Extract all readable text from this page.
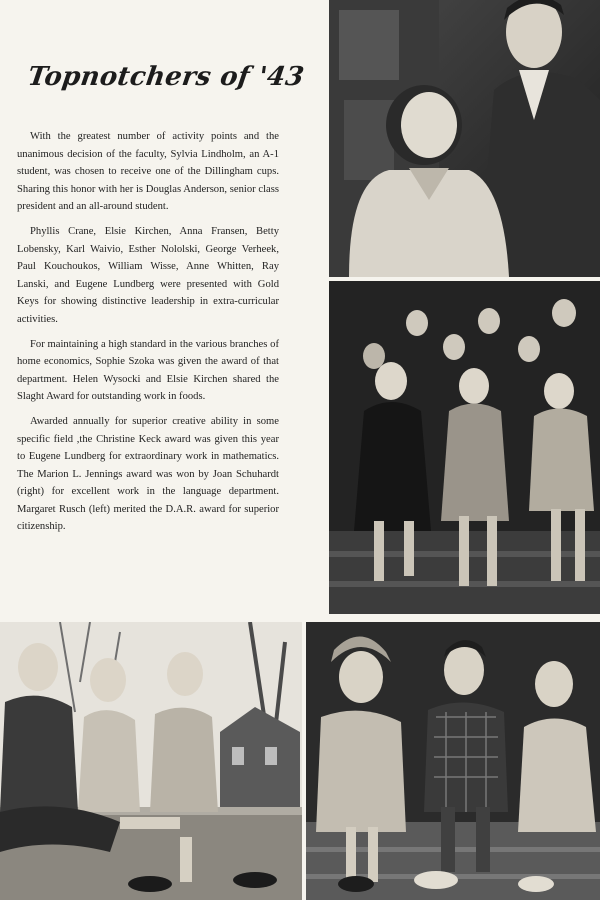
Topnotchers of '43

With the greatest number of activity points and the unanimous decision of the faculty, Sylvia Lindholm, an A-1 student, was chosen to receive one of the Dillingham cups. Sharing this honor with her is Douglas Anderson, senior class president and an all-around student.

Phyllis Crane, Elsie Kirchen, Anna Fransen, Betty Lobensky, Karl Waivio, Esther Nololski, George Verheek, Paul Kouchoukos, William Wisse, Anne Whitten, Ray Lanski, and Eugene Lundberg were presented with Gold Keys for showing distinctive leadership in extra-curricular activities.

For maintaining a high standard in the various branches of home economics, Sophie Szoka was given the award of that department. Helen Wysocki and Elsie Kirchen shared the Slaght Award for outstanding work in foods.

Awarded annually for superior creative ability in some specific field ,the Christine Keck award was given this year to Eugene Lundberg for extraordinary work in mathematics. The Marion L. Jennings award was won by Joan Schuhardt (right) for excellent work in the language department. Margaret Rusch (left) merited the D.A.R. award for superior citizenship.
